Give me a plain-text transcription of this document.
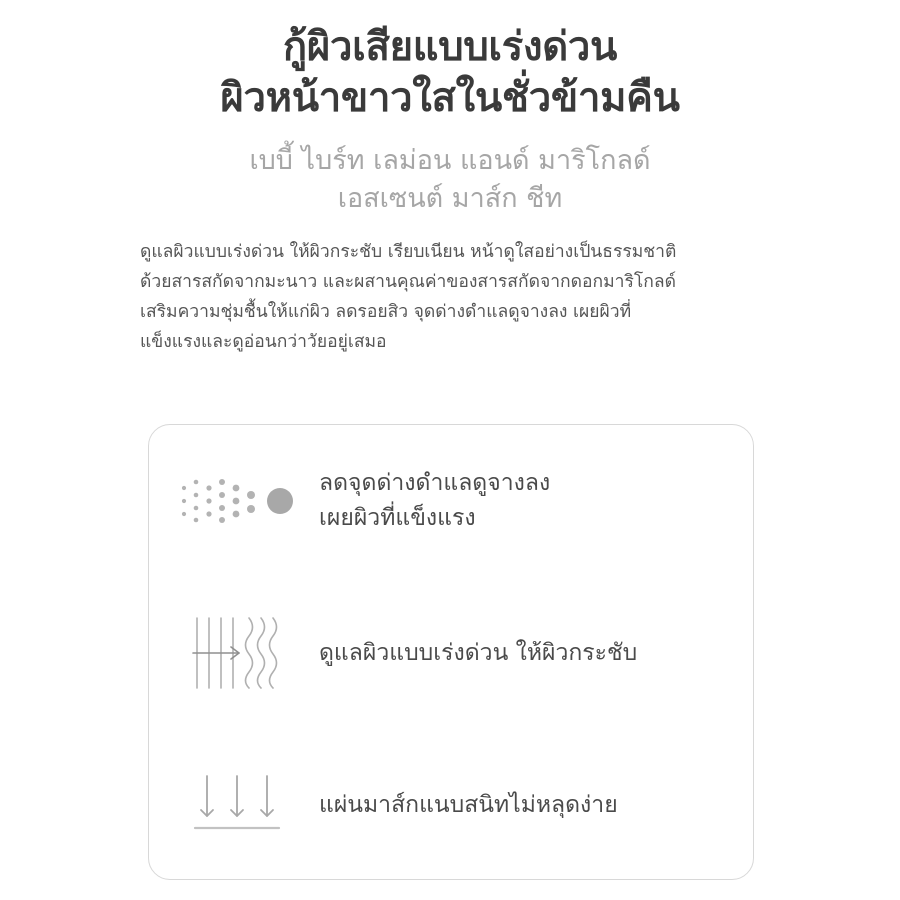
กู้ผิวเสียแบบเร่งด่วน
ผิวหน้าขาวใสในชั่วข้ามคืน
เบบี้ ไบร์ท เลม่อน แอนด์ มาริโกลด์
เอสเซนต์ มาส์ก ชีท
ดูแลผิวแบบเร่งด่วน ให้ผิวกระชับ เรียบเนียน หน้าดูใสอย่างเป็นธรรมชาติ
ด้วยสารสกัดจากมะนาว และผสานคุณค่าของสารสกัดจากดอกมาริโกลด์
เสริมความชุ่มชื้นให้แก่ผิว ลดรอยสิว จุดด่างดำแลดูจางลง เผยผิวที่
แข็งแรงและดูอ่อนกว่าวัยอยู่เสมอ
ลดจุดด่างดำแลดูจางลง
เผยผิวที่แข็งแรง
ดูแลผิวแบบเร่งด่วน ให้ผิวกระชับ
แผ่นมาส์กแนบสนิทไม่หลุดง่าย
